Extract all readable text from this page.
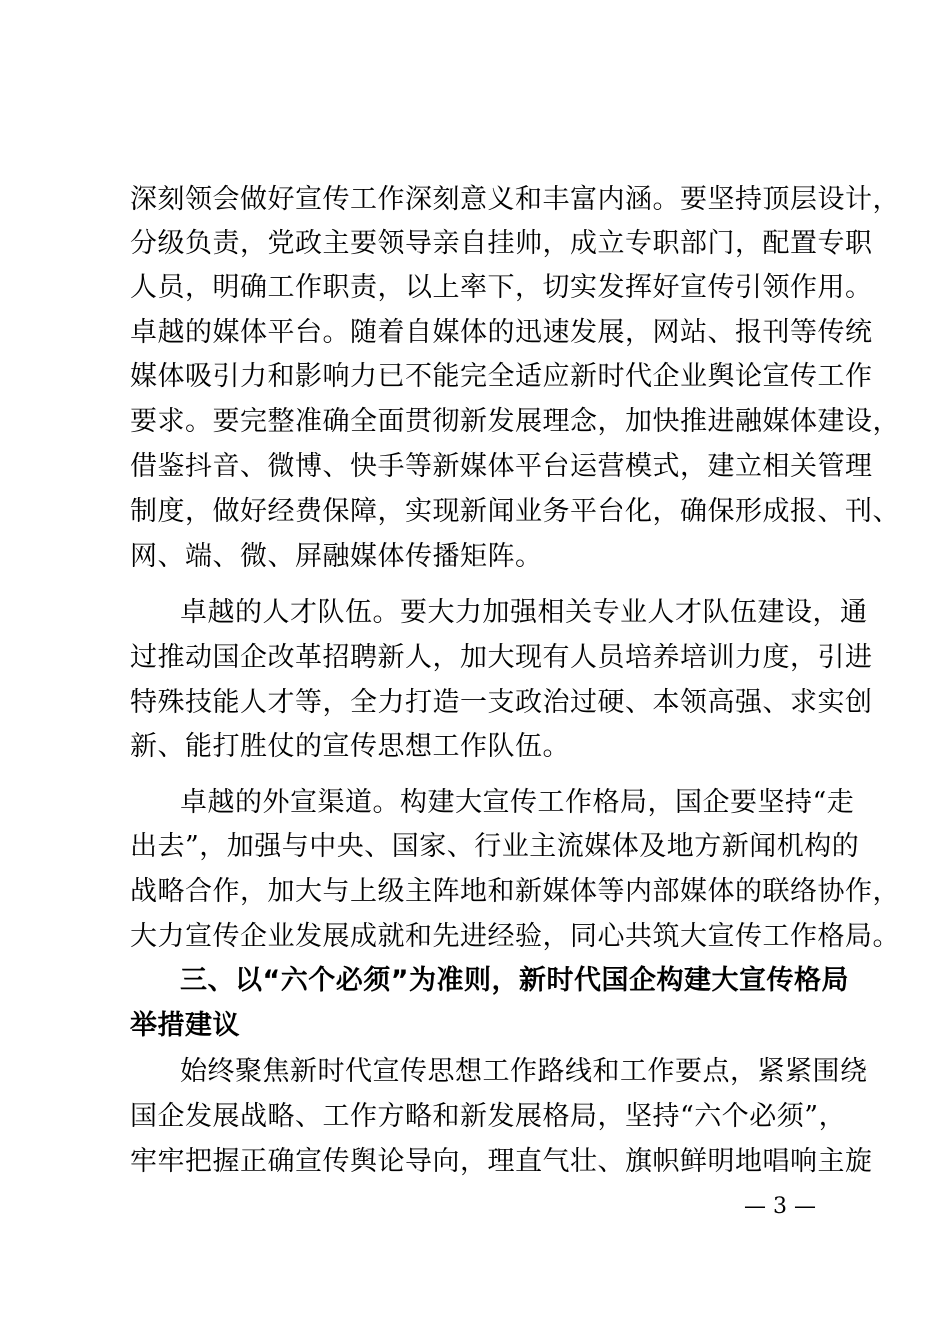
深刻领会做好宣传工作深刻意义和丰富内涵。要坚持顶层设计，
分级负责，党政主要领导亲自挂帅，成立专职部门，配置专职
人员，明确工作职责，以上率下，切实发挥好宣传引领作用。
卓越的媒体平台。随着自媒体的迅速发展，网站、报刊等传统
媒体吸引力和影响力已不能完全适应新时代企业舆论宣传工作
要求。要完整准确全面贯彻新发展理念，加快推进融媒体建设，
借鉴抖音、微博、快手等新媒体平台运营模式，建立相关管理
制度，做好经费保障，实现新闻业务平台化，确保形成报、刊、
网、端、微、屏融媒体传播矩阵。
卓越的人才队伍。要大力加强相关专业人才队伍建设，通
过推动国企改革招聘新人，加大现有人员培养培训力度，引进
特殊技能人才等，全力打造一支政治过硬、本领高强、求实创
新、能打胜仗的宣传思想工作队伍。
卓越的外宣渠道。构建大宣传工作格局，国企要坚持“走
出去”，加强与中央、国家、行业主流媒体及地方新闻机构的
战略合作，加大与上级主阵地和新媒体等内部媒体的联络协作，
大力宣传企业发展成就和先进经验，同心共筑大宣传工作格局。
三、以“六个必须”为准则，新时代国企构建大宣传格局
举措建议
始终聚焦新时代宣传思想工作路线和工作要点，紧紧围绕
国企发展战略、工作方略和新发展格局，坚持“六个必须”，
牢牢把握正确宣传舆论导向，理直气壮、旗帜鲜明地唱响主旋
— 3 —
